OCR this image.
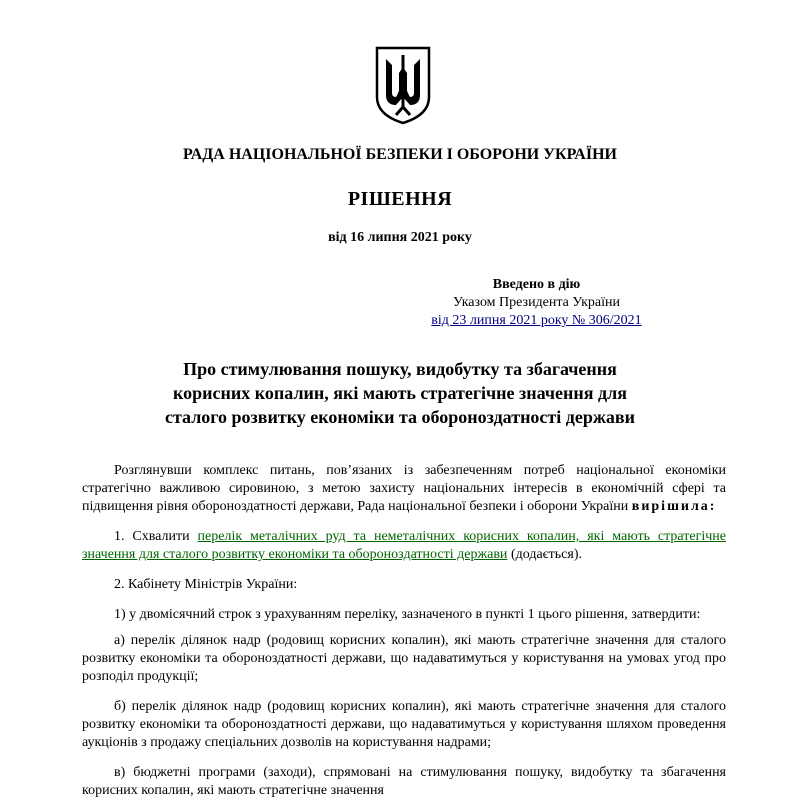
РАДА НАЦІОНАЛЬНОЇ БЕЗПЕКИ І ОБОРОНИ УКРАЇНИ
РІШЕННЯ
від 16 липня 2021 року
Введено в дію
Указом Президента України
від 23 липня 2021 року № 306/2021
Про стимулювання пошуку, видобутку та збагачення
корисних копалин, які мають стратегічне значення для
сталого розвитку економіки та обороноздатності держави

Розглянувши комплекс питань, пов’язаних із забезпеченням потреб національної економіки стратегічно важливою сировиною, з метою захисту національних інтересів в економічній сфері та підвищення рівня обороноздатності держави, Рада національної безпеки і оборони України вирішила:

1. Схвалити перелік металічних руд та неметалічних корисних копалин, які мають стратегічне значення для сталого розвитку економіки та обороноздатності держави (додається).

2. Кабінету Міністрів України:

1) у двомісячний строк з урахуванням переліку, зазначеного в пункті 1 цього рішення, затвердити:

а) перелік ділянок надр (родовищ корисних копалин), які мають стратегічне значення для сталого розвитку економіки та обороноздатності держави, що надаватимуться у користування на умовах угод про розподіл продукції;

б) перелік ділянок надр (родовищ корисних копалин), які мають стратегічне значення для сталого розвитку економіки та обороноздатності держави, що надаватимуться у користування шляхом проведення аукціонів з продажу спеціальних дозволів на користування надрами;

в) бюджетні програми (заходи), спрямовані на стимулювання пошуку, видобутку та збагачення корисних копалин, які мають стратегічне значення
